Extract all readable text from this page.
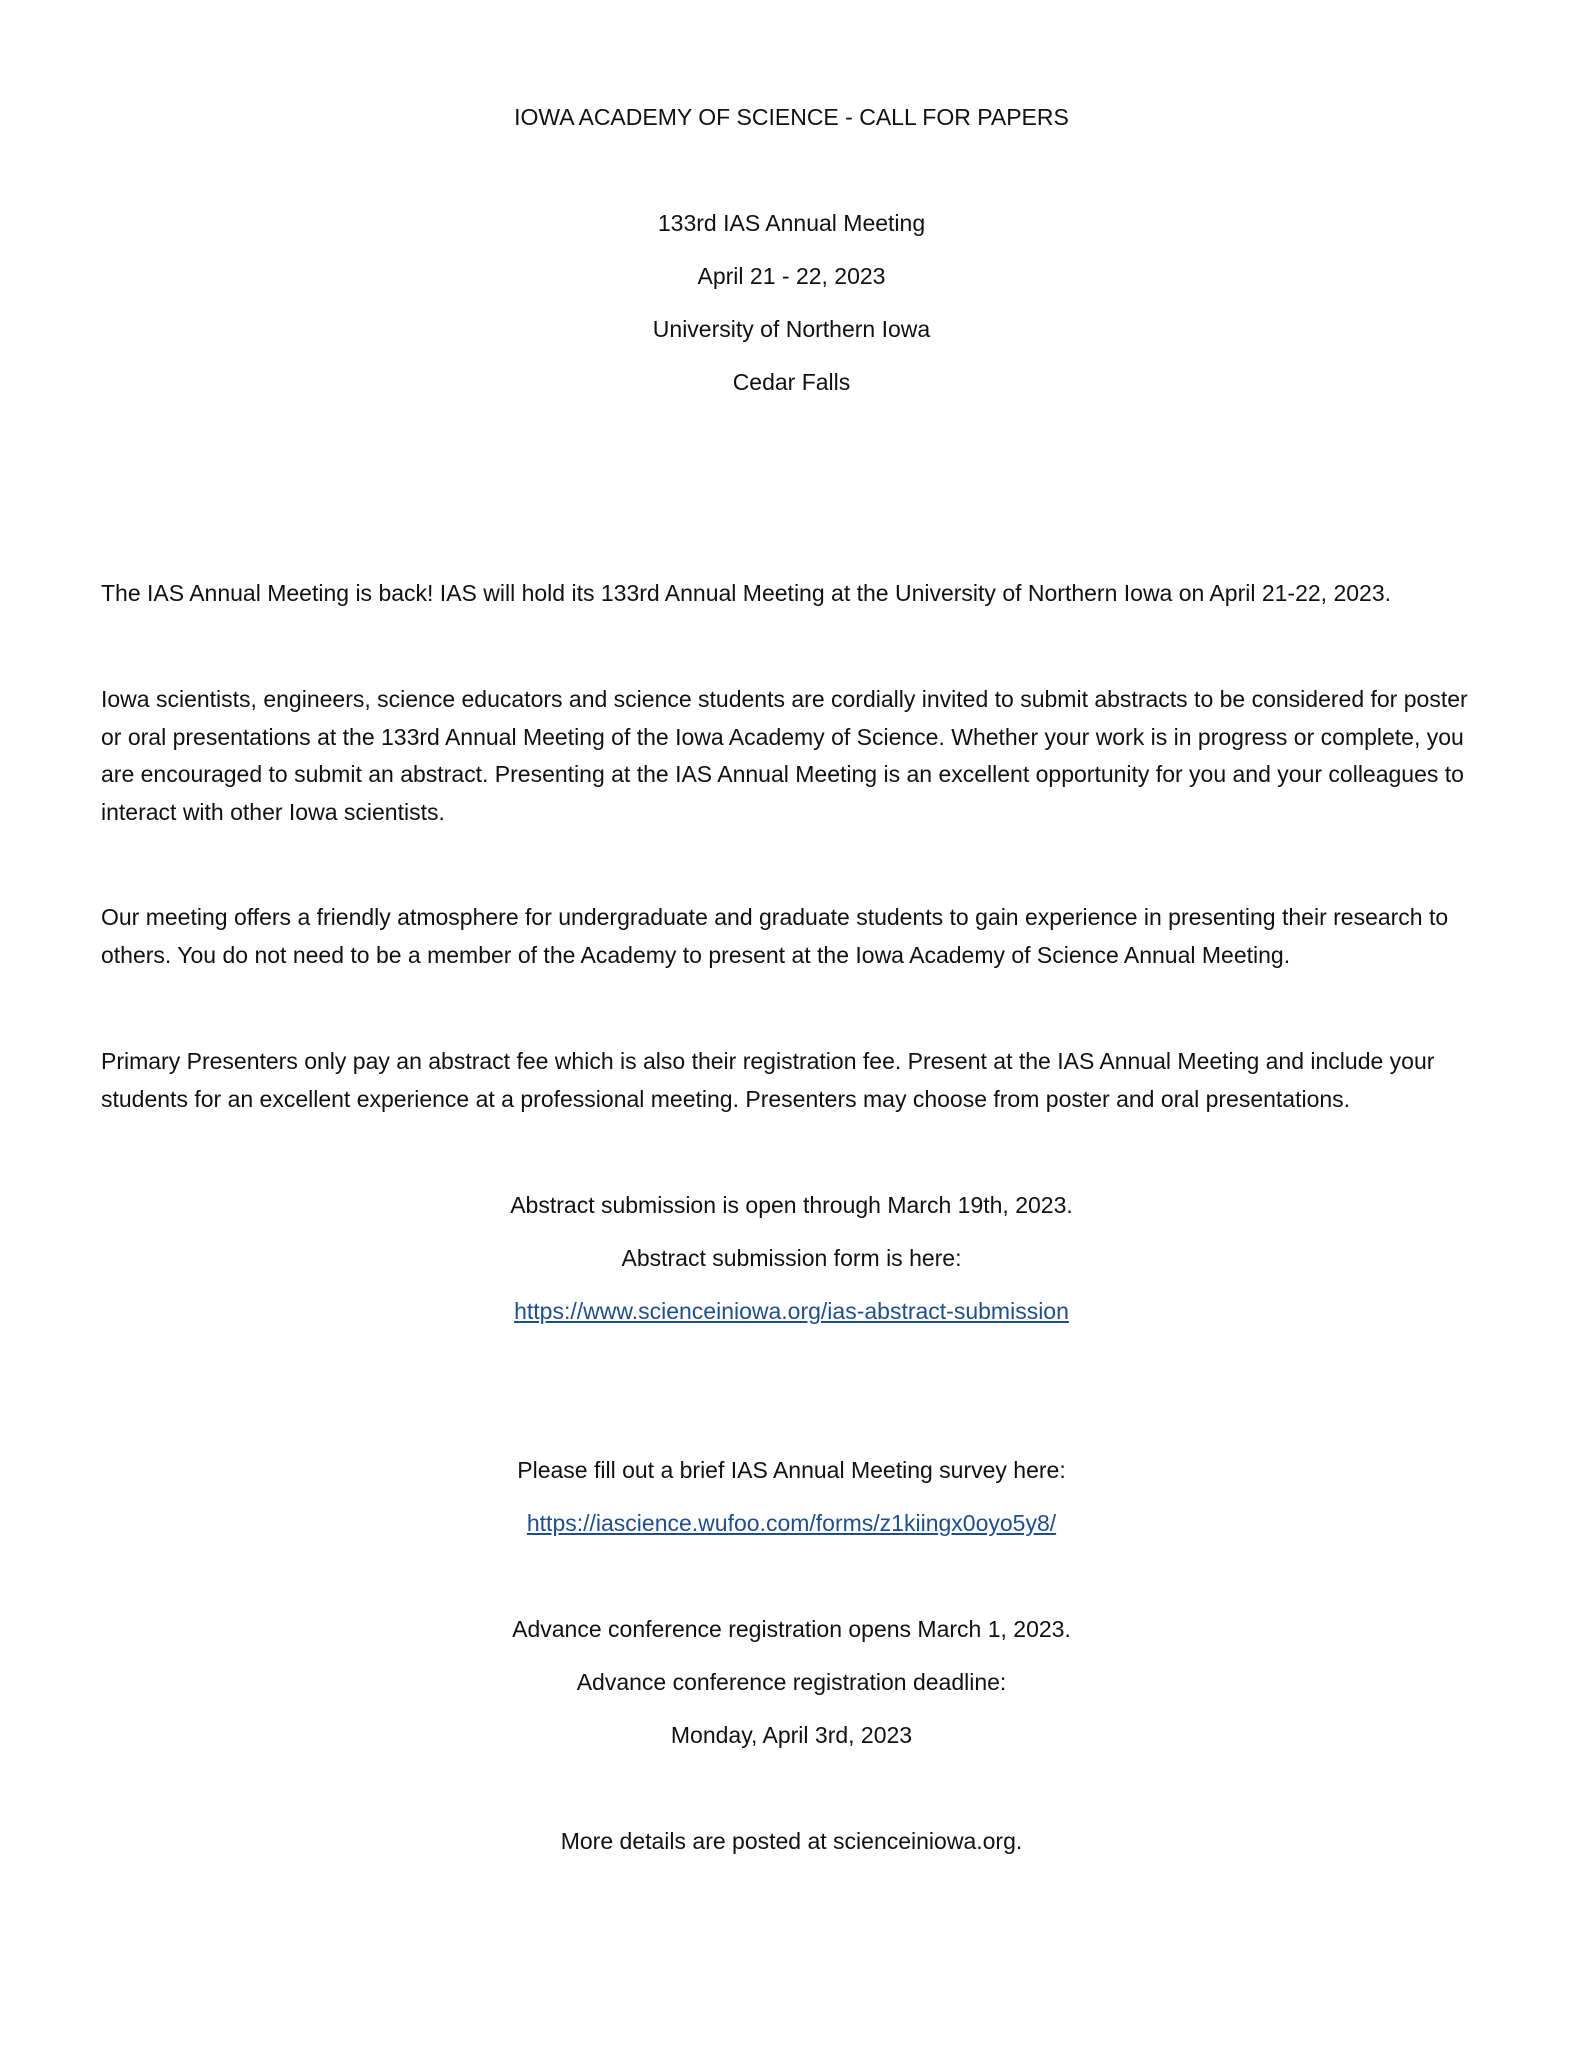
IOWA ACADEMY OF SCIENCE - CALL FOR PAPERS
133rd IAS Annual Meeting
April 21 - 22, 2023
University of Northern Iowa
Cedar Falls
The IAS Annual Meeting is back! IAS will hold its 133rd Annual Meeting at the University of Northern Iowa on April 21-22, 2023.
Iowa scientists, engineers, science educators and science students are cordially invited to submit abstracts to be considered for poster or oral presentations at the 133rd Annual Meeting of the Iowa Academy of Science. Whether your work is in progress or complete, you are encouraged to submit an abstract. Presenting at the IAS Annual Meeting is an excellent opportunity for you and your colleagues to interact with other Iowa scientists.
Our meeting offers a friendly atmosphere for undergraduate and graduate students to gain experience in presenting their research to others. You do not need to be a member of the Academy to present at the Iowa Academy of Science Annual Meeting.
Primary Presenters only pay an abstract fee which is also their registration fee. Present at the IAS Annual Meeting and include your students for an excellent experience at a professional meeting. Presenters may choose from poster and oral presentations.
Abstract submission is open through March 19th, 2023.
Abstract submission form is here:
https://www.scienceiniowa.org/ias-abstract-submission
Please fill out a brief IAS Annual Meeting survey here:
https://iascience.wufoo.com/forms/z1kiingx0oyo5y8/
Advance conference registration opens March 1, 2023.
Advance conference registration deadline:
Monday, April 3rd, 2023
More details are posted at scienceiniowa.org.
